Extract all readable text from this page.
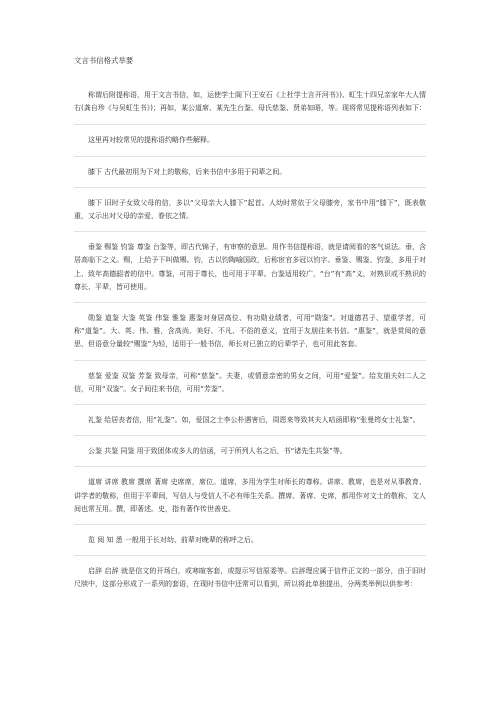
文言书信格式举要

称谓后附提称语，用于文言书信，如，运使学士阁下(王安石《上杜学士言开河书》)、虹生十四兄亲家年大人情右(龚自珍《与吴虹生书》)；再如，某公道席、某先生台鉴、母氏慈鉴、贤弟如晤，等。现将常见提称语列表如下：

这里再对较常见的提称语约略作些解释。

膝下 古代最初用为下对上的敬称，后来书信中多用于同辈之间。

膝下 旧时子女致父母的信，多以“父母亲大人膝下”起首。人幼时常依于父母膝旁，家书中用“膝下”，既表敬重，又示出对父母的亲爱、眷依之情。

垂鉴 赐鉴 钧鉴 尊鉴 台鉴等，即古代锦子，有审察的意思。用作书信提称语，就是请阅看的客气说法。垂，含居高临下之义。赐，上给予下叫做赐。钧，古以钧陶喻国政，后称宦官多冠以钧字。垂鉴、赐鉴、钧鉴，多用于对上、致年高德韶者的信中。尊鉴，可用于尊长，也可用于平辈。台鉴适用较广，“台”有“高”义，对熟识或不熟识的尊长、平辈，皆可使用。

勋鉴 道鉴 大鉴 英鉴 伟鉴 雅鉴 惠鉴对身居高位、有功勋业绩者，可用“勋鉴”。对道德君子、望重学者，可称“道鉴”。大、英、伟、雅，含高尚、美好、不凡、不俗的意义，宜用于友朋往来书信。“惠鉴”，就是赏阅的意思，但语意分量较“赐鉴”为轻，适用于一般书信，师长对已独立的后辈学子，也可用此客套。

慈鉴 爱鉴 双鉴 芳鉴 致母亲，可称“慈鉴”。夫妻，或情意亲密的男女之间，可用“爱鉴”。给友朋夫妇二人之信，可用“双鉴”。女子间往来书信，可用“芳鉴”。

礼鉴 给居丧者信，用“礼鉴”。如，爱国之士李公朴遇害后，周恩来等致其夫人唁函即称“张曼筠女士礼鉴”。

公鉴 共鉴 同鉴 用于致团体或多人的信函，可于所列人名之后，书“诸先生共鉴”等。

道席 讲席 教席 撰席 著席 史席席，席位。道席，多用为学生对师长的尊称。讲席、教席，也是对从事教育、讲学者的敬称，但用于平辈间，写信人与受信人不必有师生关系。撰席、著席、史席，都用作对文士的敬称，文人间也常互用。撰，即著述。史，指有著作传世善史。

览 阅 知 悉 一般用于长对幼、前辈对晚辈的称呼之后。

启辞 启辞 就是信文的开场白，或寒暄客套，或提示写信原委等。启辞理应属于信件正文的一部分，由于旧时尺牍中，这部分形成了一系列的套语，在现时书信中还常可以看到，所以将此单独提出，分两类举例以供参考：
